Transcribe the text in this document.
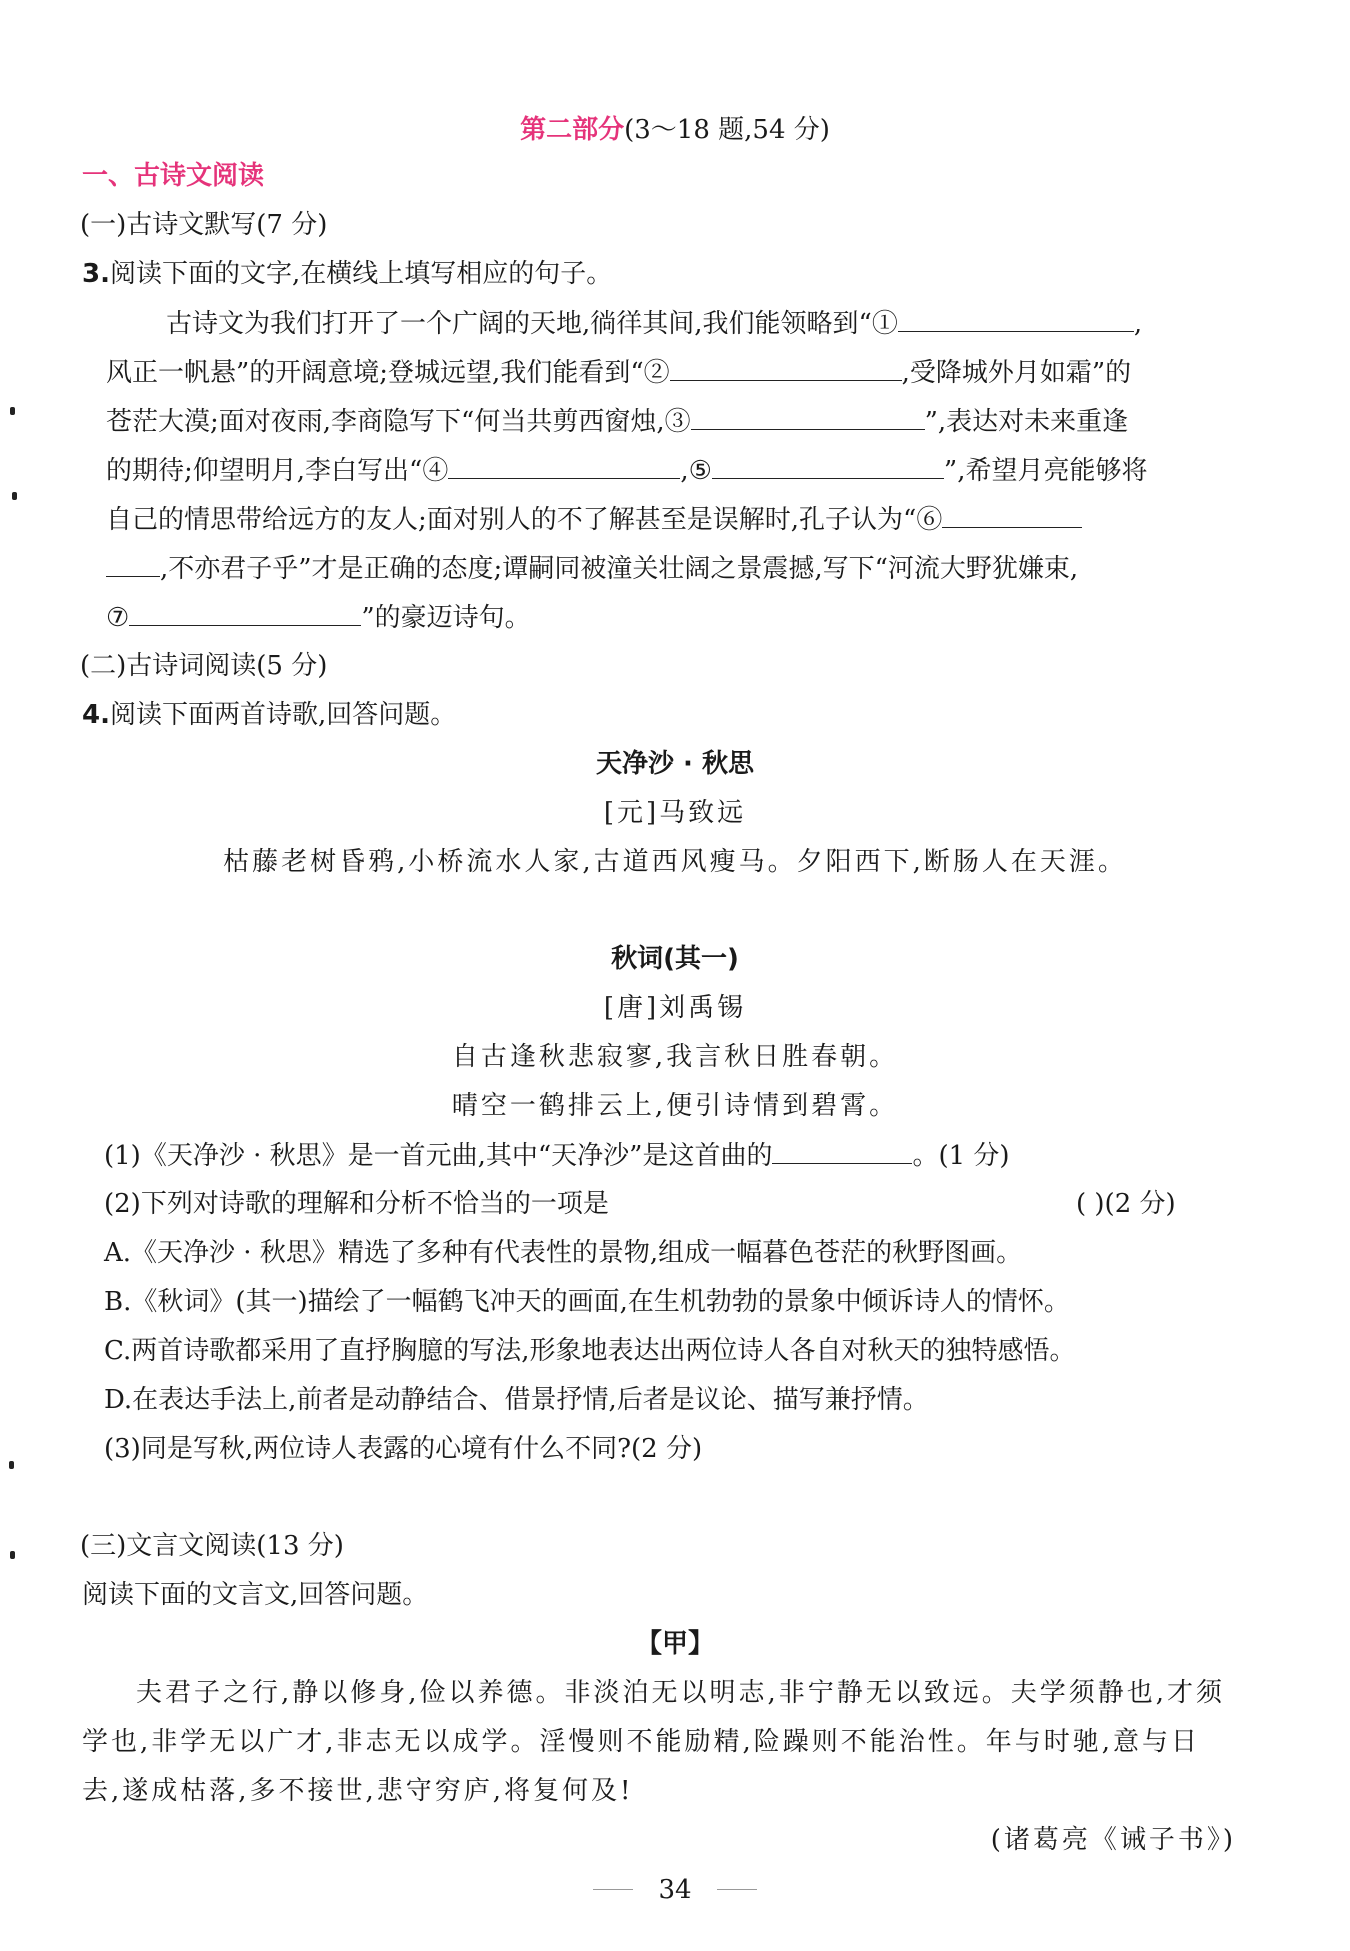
第二部分(3～18 题,54 分)
一、古诗文阅读
(一)古诗文默写(7 分)
3.阅读下面的文字,在横线上填写相应的句子。
古诗文为我们打开了一个广阔的天地,徜徉其间,我们能领略到“①	,
风正一帆悬”的开阔意境;登城远望,我们能看到“②	,受降城外月如霜”的
苍茫大漠;面对夜雨,李商隐写下“何当共剪西窗烛,③	”,表达对未来重逢
的期待;仰望明月,李白写出“④	,⑤	”,希望月亮能够将
自己的情思带给远方的友人;面对别人的不了解甚至是误解时,孔子认为“⑥
,不亦君子乎”才是正确的态度;谭嗣同被潼关壮阔之景震撼,写下“河流大野犹嫌束,
⑦	”的豪迈诗句。
(二)古诗词阅读(5 分)
4.阅读下面两首诗歌,回答问题。
天净沙 · 秋思
[元]马致远
枯藤老树昏鸦,小桥流水人家,古道西风瘦马。夕阳西下,断肠人在天涯。
秋词(其一)
[唐]刘禹锡
自古逢秋悲寂寥,我言秋日胜春朝。
晴空一鹤排云上,便引诗情到碧霄。
(1)《天净沙 · 秋思》是一首元曲,其中“天净沙”是这首曲的	。(1 分)
(2)下列对诗歌的理解和分析不恰当的一项是	( )(2 分)
A.《天净沙 · 秋思》精选了多种有代表性的景物,组成一幅暮色苍茫的秋野图画。
B.《秋词》(其一)描绘了一幅鹤飞冲天的画面,在生机勃勃的景象中倾诉诗人的情怀。
C.两首诗歌都采用了直抒胸臆的写法,形象地表达出两位诗人各自对秋天的独特感悟。
D.在表达手法上,前者是动静结合、借景抒情,后者是议论、描写兼抒情。
(3)同是写秋,两位诗人表露的心境有什么不同?(2 分)
(三)文言文阅读(13 分)
阅读下面的文言文,回答问题。
【甲】
夫君子之行,静以修身,俭以养德。非淡泊无以明志,非宁静无以致远。夫学须静也,才须
学也,非学无以广才,非志无以成学。淫慢则不能励精,险躁则不能治性。年与时驰,意与日
去,遂成枯落,多不接世,悲守穷庐,将复何及!
(诸葛亮《诫子书》)
34
